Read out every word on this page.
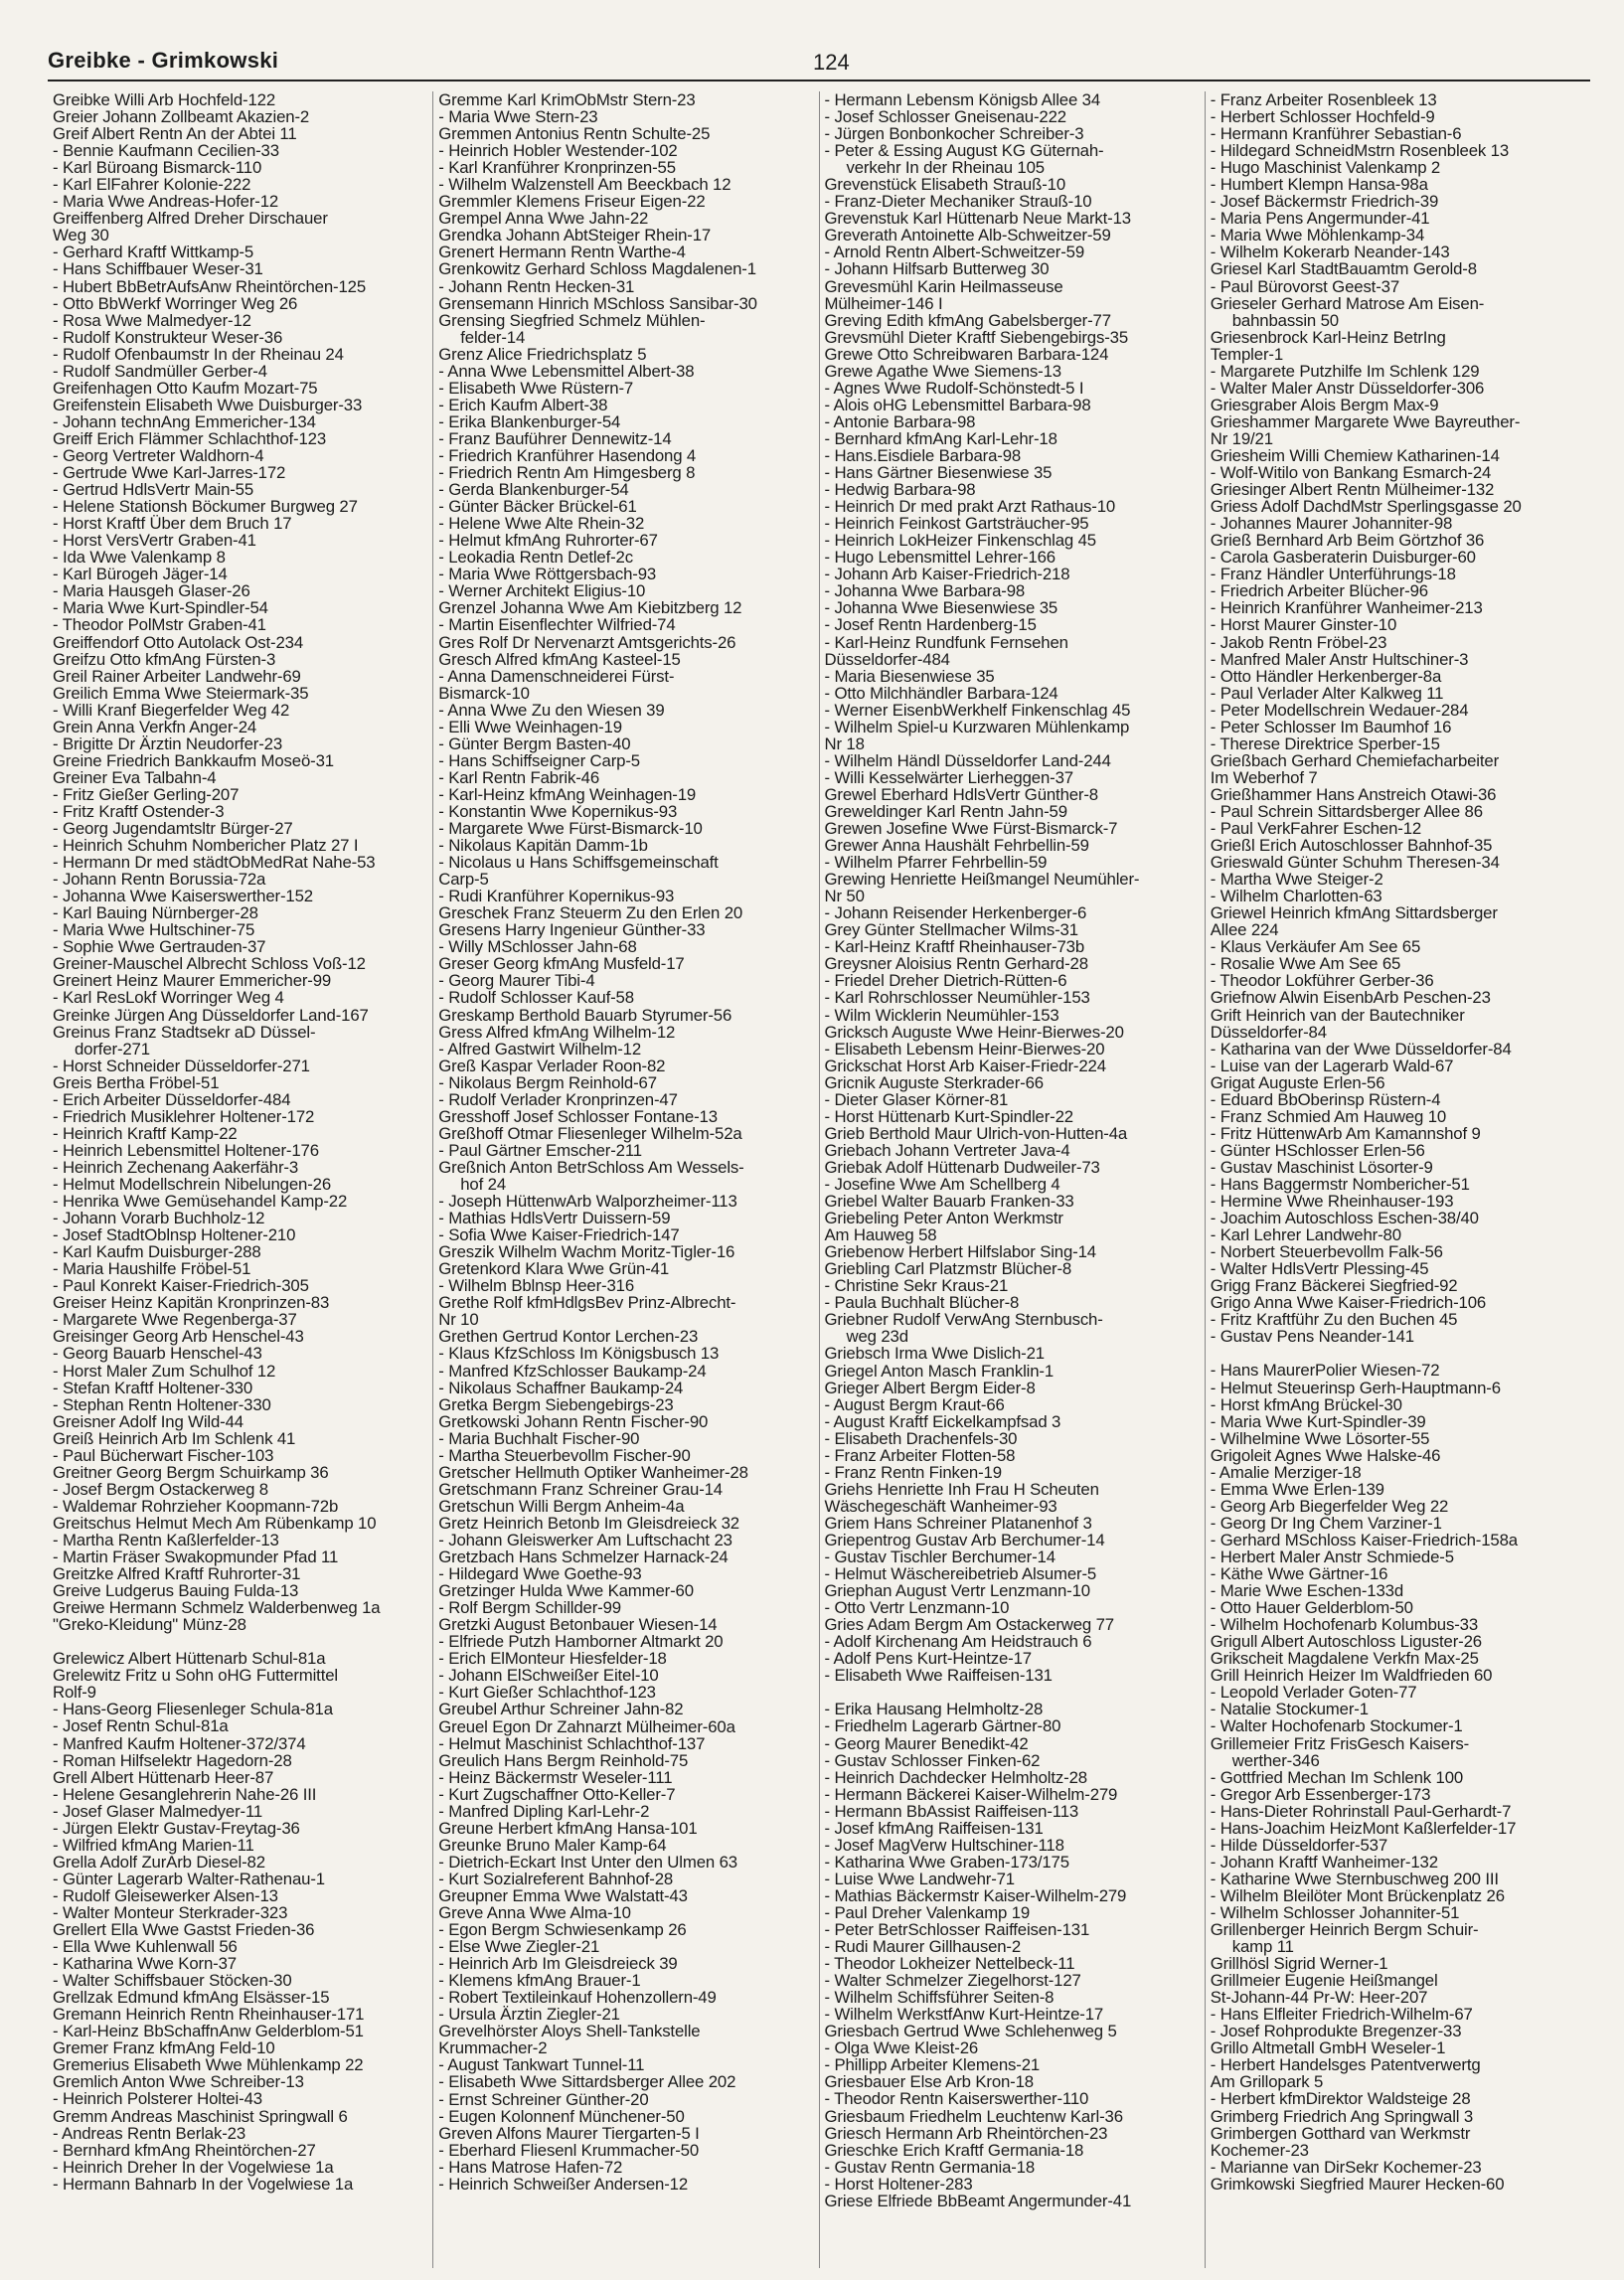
Greibke - Grimkowski	124
Greibke Willi Arb Hochfeld-122
Greier Johann Zollbeamt Akazien-2
Greif Albert Rentn An der Abtei 11
- Bennie Kaufmann Cecilien-33
- Karl Büroang Bismarck-110
- Karl ElFahrer Kolonie-222
- Maria Wwe Andreas-Hofer-12
Greiffenberg Alfred Dreher Dirschauer
Weg 30
- Gerhard Kraftf Wittkamp-5
- Hans Schiffbauer Weser-31
- Hubert BbBetrAufsAnw Rheintörchen-125
- Otto BbWerkf Worringer Weg 26
- Rosa Wwe Malmedyer-12
- Rudolf Konstrukteur Weser-36
- Rudolf Ofenbaumstr In der Rheinau 24
- Rudolf Sandmüller Gerber-4
Greifenhagen Otto Kaufm Mozart-75
Greifenstein Elisabeth Wwe Duisburger-33
- Johann technAng Emmericher-134
Greiff Erich Flämmer Schlachthof-123
- Georg Vertreter Waldhorn-4
- Gertrude Wwe Karl-Jarres-172
- Gertrud HdlsVertr Main-55
- Helene Stationsh Böckumer Burgweg 27
- Horst Kraftf Über dem Bruch 17
- Horst VersVertr Graben-41
- Ida Wwe Valenkamp 8
- Karl Bürogeh Jäger-14
- Maria Hausgeh Glaser-26
- Maria Wwe Kurt-Spindler-54
- Theodor PolMstr Graben-41
Greiffendorf Otto Autolack Ost-234
Greifzu Otto kfmAng Fürsten-3
Greil Rainer Arbeiter Landwehr-69
Greilich Emma Wwe Steiermark-35
- Willi Kranf Biegerfelder Weg 42
Grein Anna Verkfn Anger-24
- Brigitte Dr Ärztin Neudorfer-23
Greine Friedrich Bankkaufm Moseö-31
Greiner Eva Talbahn-4
- Fritz Gießer Gerling-207
- Fritz Kraftf Ostender-3
- Georg Jugendamtsltr Bürger-27
- Heinrich Schuhm Nombericher Platz 27 I
- Hermann Dr med städtObMedRat Nahe-53
- Johann Rentn Borussia-72a
- Johanna Wwe Kaiserswerther-152
- Karl Bauing Nürnberger-28
- Maria Wwe Hultschiner-75
- Sophie Wwe Gertrauden-37
Greiner-Mauschel Albrecht Schloss Voß-12
Greinert Heinz Maurer Emmericher-99
- Karl ResLokf Worringer Weg 4
Greinke Jürgen Ang Düsseldorfer Land-167
Greinus Franz Stadtsekr aD Düssel-
dorfer-271
- Horst Schneider Düsseldorfer-271
Greis Bertha Fröbel-51
- Erich Arbeiter Düsseldorfer-484
- Friedrich Musiklehrer Holtener-172
- Heinrich Kraftf Kamp-22
- Heinrich Lebensmittel Holtener-176
- Heinrich Zechenang Aakerfähr-3
- Helmut Modellschrein Nibelungen-26
- Henrika Wwe Gemüsehandel Kamp-22
- Johann Vorarb Buchholz-12
- Josef StadtOblnsp Holtener-210
- Karl Kaufm Duisburger-288
- Maria Haushilfe Fröbel-51
- Paul Konrekt Kaiser-Friedrich-305
Greiser Heinz Kapitän Kronprinzen-83
- Margarete Wwe Regenberga-37
Greisinger Georg Arb Henschel-43
- Georg Bauarb Henschel-43
- Horst Maler Zum Schulhof 12
- Stefan Kraftf Holtener-330
- Stephan Rentn Holtener-330
Greisner Adolf Ing Wild-44
Greiß Heinrich Arb Im Schlenk 41
- Paul Bücherwart Fischer-103
Greitner Georg Bergm Schuirkamp 36
- Josef Bergm Ostackerweg 8
- Waldemar Rohrzieher Koopmann-72b
Greitschus Helmut Mech Am Rübenkamp 10
- Martha Rentn Kaßlerfelder-13
- Martin Fräser Swakopmunder Pfad 11
Greitzke Alfred Kraftf Ruhrorter-31
Greive Ludgerus Bauing Fulda-13
Greiwe Hermann Schmelz Walderbenweg 1a
"Greko-Kleidung" Münz-28
Grelewicz Albert Hüttenarb Schul-81a
Grelewitz Fritz u Sohn oHG Futtermittel
Rolf-9
- Hans-Georg Fliesenleger Schula-81a
- Josef Rentn Schul-81a
- Manfred Kaufm Holtener-372/374
- Roman Hilfselektr Hagedorn-28
Grell Albert Hüttenarb Heer-87
- Helene Gesanglehrerin Nahe-26 III
- Josef Glaser Malmedyer-11
- Jürgen Elektr Gustav-Freytag-36
- Wilfried kfmAng Marien-11
Grella Adolf ZurArb Diesel-82
- Günter Lagerarb Walter-Rathenau-1
- Rudolf Gleisewerker Alsen-13
- Walter Monteur Sterkrader-323
Grellert Ella Wwe Gastst Frieden-36
- Ella Wwe Kuhlenwall 56
- Katharina Wwe Korn-37
- Walter Schiffsbauer Stöcken-30
Grellzak Edmund kfmAng Elsässer-15
Gremann Heinrich Rentn Rheinhauser-171
- Karl-Heinz BbSchaffnAnw Gelderblom-51
Gremer Franz kfmAng Feld-10
Gremerius Elisabeth Wwe Mühlenkamp 22
Gremlich Anton Wwe Schreiber-13
- Heinrich Polsterer Holtei-43
Gremm Andreas Maschinist Springwall 6
- Andreas Rentn Berlak-23
- Bernhard kfmAng Rheintörchen-27
- Heinrich Dreher In der Vogelwiese 1a
- Hermann Bahnarb In der Vogelwiese 1a
Gremme Karl KrimObMstr Stern-23
- Maria Wwe Stern-23
Gremmen Antonius Rentn Schulte-25
- Heinrich Hobler Westender-102
- Karl Kranführer Kronprinzen-55
- Wilhelm Walzenstell Am Beeckbach 12
Gremmler Klemens Friseur Eigen-22
Grempel Anna Wwe Jahn-22
Grendka Johann AbtSteiger Rhein-17
Grenert Hermann Rentn Warthe-4
Grenkowitz Gerhard Schloss Magdalenen-1
- Johann Rentn Hecken-31
Grensemann Hinrich MSchloss Sansibar-30
Grensing Siegfried Schmelz Mühlen-
felder-14
Grenz Alice Friedrichsplatz 5
- Anna Wwe Lebensmittel Albert-38
- Elisabeth Wwe Rüstern-7
- Erich Kaufm Albert-38
- Erika Blankenburger-54
- Franz Bauführer Dennewitz-14
- Friedrich Kranführer Hasendong 4
- Friedrich Rentn Am Himgesberg 8
- Gerda Blankenburger-54
- Günter Bäcker Brückel-61
- Helene Wwe Alte Rhein-32
- Helmut kfmAng Ruhrorter-67
- Leokadia Rentn Detlef-2c
- Maria Wwe Röttgersbach-93
- Werner Architekt Eligius-10
Grenzel Johanna Wwe Am Kiebitzberg 12
- Martin Eisenflechter Wilfried-74
Gres Rolf Dr Nervenarzt Amtsgerichts-26
Gresch Alfred kfmAng Kasteel-15
- Anna Damenschneiderei Fürst-
Bismarck-10
- Anna Wwe Zu den Wiesen 39
- Elli Wwe Weinhagen-19
- Günter Bergm Basten-40
- Hans Schiffseigner Carp-5
- Karl Rentn Fabrik-46
- Karl-Heinz kfmAng Weinhagen-19
- Konstantin Wwe Kopernikus-93
- Margarete Wwe Fürst-Bismarck-10
- Nikolaus Kapitän Damm-1b
- Nicolaus u Hans Schiffsgemeinschaft
Carp-5
- Rudi Kranführer Kopernikus-93
Greschek Franz Steuerm Zu den Erlen 20
Gresens Harry Ingenieur Günther-33
- Willy MSchlosser Jahn-68
Greser Georg kfmAng Musfeld-17
- Georg Maurer Tibi-4
- Rudolf Schlosser Kauf-58
Greskamp Berthold Bauarb Styrumer-56
Gress Alfred kfmAng Wilhelm-12
- Alfred Gastwirt Wilhelm-12
Greß Kaspar Verlader Roon-82
- Nikolaus Bergm Reinhold-67
- Rudolf Verlader Kronprinzen-47
Gresshoff Josef Schlosser Fontane-13
Greßhoff Otmar Fliesenleger Wilhelm-52a
- Paul Gärtner Emscher-211
Greßnich Anton BetrSchloss Am Wessels-
hof 24
- Joseph HüttenwArb Walporzheimer-113
- Mathias HdlsVertr Duissern-59
- Sofia Wwe Kaiser-Friedrich-147
Greszik Wilhelm Wachm Moritz-Tigler-16
Gretenkord Klara Wwe Grün-41
- Wilhelm Bblnsp Heer-316
Grethe Rolf kfmHdlgsBev Prinz-Albrecht-
Nr 10
Grethen Gertrud Kontor Lerchen-23
- Klaus KfzSchloss Im Königsbusch 13
- Manfred KfzSchlosser Baukamp-24
- Nikolaus Schaffner Baukamp-24
Gretka Bergm Siebengebirgs-23
Gretkowski Johann Rentn Fischer-90
- Maria Buchhalt Fischer-90
- Martha Steuerbevollm Fischer-90
Gretscher Hellmuth Optiker Wanheimer-28
Gretschmann Franz Schreiner Grau-14
Gretschun Willi Bergm Anheim-4a
Gretz Heinrich Betonb Im Gleisdreieck 32
- Johann Gleiswerker Am Luftschacht 23
Gretzbach Hans Schmelzer Harnack-24
- Hildegard Wwe Goethe-93
Gretzinger Hulda Wwe Kammer-60
- Rolf Bergm Schillder-99
Gretzki August Betonbauer Wiesen-14
- Elfriede Putzh Hamborner Altmarkt 20
- Erich ElMonteur Hiesfelder-18
- Johann ElSchweißer Eitel-10
- Kurt Gießer Schlachthof-123
Greubel Arthur Schreiner Jahn-82
Greuel Egon Dr Zahnarzt Mülheimer-60a
- Helmut Maschinist Schlachthof-137
Greulich Hans Bergm Reinhold-75
- Heinz Bäckermstr Weseler-111
- Kurt Zugschaffner Otto-Keller-7
- Manfred Dipling Karl-Lehr-2
Greune Herbert kfmAng Hansa-101
Greunke Bruno Maler Kamp-64
- Dietrich-Eckart Inst Unter den Ulmen 63
- Kurt Sozialreferent Bahnhof-28
Greupner Emma Wwe Walstatt-43
Greve Anna Wwe Alma-10
- Egon Bergm Schwiesenkamp 26
- Else Wwe Ziegler-21
- Heinrich Arb Im Gleisdreieck 39
- Klemens kfmAng Brauer-1
- Robert Textileinkauf Hohenzollern-49
- Ursula Ärztin Ziegler-21
Grevelhörster Aloys Shell-Tankstelle
Krummacher-2
- August Tankwart Tunnel-11
- Elisabeth Wwe Sittardsberger Allee 202
- Ernst Schreiner Günther-20
- Eugen Kolonnenf Münchener-50
Greven Alfons Maurer Tiergarten-5 I
- Eberhard Fliesenl Krummacher-50
- Hans Matrose Hafen-72
- Heinrich Schweißer Andersen-12
- Hermann Lebensm Königsb Allee 34
- Josef Schlosser Gneisenau-222
- Jürgen Bonbonkocher Schreiber-3
- Peter & Essing August KG Güternah-
verkehr In der Rheinau 105
Grevenstück Elisabeth Strauß-10
- Franz-Dieter Mechaniker Strauß-10
Grevenstuk Karl Hüttenarb Neue Markt-13
Greverath Antoinette Alb-Schweitzer-59
- Arnold Rentn Albert-Schweitzer-59
- Johann Hilfsarb Butterweg 30
Grevesmühl Karin Heilmasseuse
Mülheimer-146 I
Greving Edith kfmAng Gabelsberger-77
Grevsmühl Dieter Kraftf Siebengebirgs-35
Grewe Otto Schreibwaren Barbara-124
Grewe Agathe Wwe Siemens-13
- Agnes Wwe Rudolf-Schönstedt-5 I
- Alois oHG Lebensmittel Barbara-98
- Antonie Barbara-98
- Bernhard kfmAng Karl-Lehr-18
- Hans.Eisdiele Barbara-98
- Hans Gärtner Biesenwiese 35
- Hedwig Barbara-98
- Heinrich Dr med prakt Arzt Rathaus-10
- Heinrich Feinkost Gartsträucher-95
- Heinrich LokHeizer Finkenschlag 45
- Hugo Lebensmittel Lehrer-166
- Johann Arb Kaiser-Friedrich-218
- Johanna Wwe Barbara-98
- Johanna Wwe Biesenwiese 35
- Josef Rentn Hardenberg-15
- Karl-Heinz Rundfunk Fernsehen
Düsseldorfer-484
- Maria Biesenwiese 35
- Otto Milchhändler Barbara-124
- Werner EisenbWerkhelf Finkenschlag 45
- Wilhelm Spiel-u Kurzwaren Mühlenkamp
Nr 18
- Wilhelm Händl Düsseldorfer Land-244
- Willi Kesselwärter Lierheggen-37
Grewel Eberhard HdlsVertr Günther-8
Greweldinger Karl Rentn Jahn-59
Grewen Josefine Wwe Fürst-Bismarck-7
Grewer Anna Haushält Fehrbellin-59
- Wilhelm Pfarrer Fehrbellin-59
Grewing Henriette Heißmangel Neumühler-
Nr 50
- Johann Reisender Herkenberger-6
Grey Günter Stellmacher Wilms-31
- Karl-Heinz Kraftf Rheinhauser-73b
Greysner Aloisius Rentn Gerhard-28
- Friedel Dreher Dietrich-Rütten-6
- Karl Rohrschlosser Neumühler-153
- Wilm Wicklerin Neumühler-153
Gricksch Auguste Wwe Heinr-Bierwes-20
- Elisabeth Lebensm Heinr-Bierwes-20
Grickschat Horst Arb Kaiser-Friedr-224
Gricnik Auguste Sterkrader-66
- Dieter Glaser Körner-81
- Horst Hüttenarb Kurt-Spindler-22
Grieb Berthold Maur Ulrich-von-Hutten-4a
Griebach Johann Vertreter Java-4
Griebak Adolf Hüttenarb Dudweiler-73
- Josefine Wwe Am Schellberg 4
Griebel Walter Bauarb Franken-33
Griebeling Peter Anton Werkmstr
Am Hauweg 58
Griebenow Herbert Hilfslabor Sing-14
Griebling Carl Platzmstr Blücher-8
- Christine Sekr Kraus-21
- Paula Buchhalt Blücher-8
Griebner Rudolf VerwAng Sternbusch-
weg 23d
Griebsch Irma Wwe Dislich-21
Griegel Anton Masch Franklin-1
Grieger Albert Bergm Eider-8
- August Bergm Kraut-66
- August Kraftf Eickelkampfsad 3
- Elisabeth Drachenfels-30
- Franz Arbeiter Flotten-58
- Franz Rentn Finken-19
Griehs Henriette Inh Frau H Scheuten
Wäschegeschäft Wanheimer-93
Griem Hans Schreiner Platanenhof 3
Griepentrog Gustav Arb Berchumer-14
- Gustav Tischler Berchumer-14
- Helmut Wäschereibetrieb Alsumer-5
Griephan August Vertr Lenzmann-10
- Otto Vertr Lenzmann-10
Gries Adam Bergm Am Ostackerweg 77
- Adolf Kirchenang Am Heidstrauch 6
- Adolf Pens Kurt-Heintze-17
- Elisabeth Wwe Raiffeisen-131
- Erika Hausang Helmholtz-28
- Friedhelm Lagerarb Gärtner-80
- Georg Maurer Benedikt-42
- Gustav Schlosser Finken-62
- Heinrich Dachdecker Helmholtz-28
- Hermann Bäckerei Kaiser-Wilhelm-279
- Hermann BbAssist Raiffeisen-113
- Josef kfmAng Raiffeisen-131
- Josef MagVerw Hultschiner-118
- Katharina Wwe Graben-173/175
- Luise Wwe Landwehr-71
- Mathias Bäckermstr Kaiser-Wilhelm-279
- Paul Dreher Valenkamp 19
- Peter BetrSchlosser Raiffeisen-131
- Rudi Maurer Gillhausen-2
- Theodor Lokheizer Nettelbeck-11
- Walter Schmelzer Ziegelhorst-127
- Wilhelm Schiffsführer Seiten-8
- Wilhelm WerkstfAnw Kurt-Heintze-17
Griesbach Gertrud Wwe Schlehenweg 5
- Olga Wwe Kleist-26
- Phillipp Arbeiter Klemens-21
Griesbauer Else Arb Kron-18
- Theodor Rentn Kaiserswerther-110
Griesbaum Friedhelm Leuchtenw Karl-36
Griesch Hermann Arb Rheintörchen-23
Grieschke Erich Kraftf Germania-18
- Gustav Rentn Germania-18
- Horst Holtener-283
Griese Elfriede BbBeamt Angermunder-41
- Franz Arbeiter Rosenbleek 13
- Herbert Schlosser Hochfeld-9
- Hermann Kranführer Sebastian-6
- Hildegard SchneidMstrn Rosenbleek 13
- Hugo Maschinist Valenkamp 2
- Humbert Klempn Hansa-98a
- Josef Bäckermstr Friedrich-39
- Maria Pens Angermunder-41
- Maria Wwe Möhlenkamp-34
- Wilhelm Kokerarb Neander-143
Griesel Karl StadtBauamtm Gerold-8
- Paul Bürovorst Geest-37
Grieseler Gerhard Matrose Am Eisen-
bahnbassin 50
Griesenbrock Karl-Heinz BetrIng
Templer-1
- Margarete Putzhilfe Im Schlenk 129
- Walter Maler Anstr Düsseldorfer-306
Griesgraber Alois Bergm Max-9
Grieshammer Margarete Wwe Bayreuther-
Nr 19/21
Griesheim Willi Chemiew Katharinen-14
- Wolf-Witilo von Bankang Esmarch-24
Griesinger Albert Rentn Mülheimer-132
Griess Adolf DachdMstr Sperlingsgasse 20
- Johannes Maurer Johanniter-98
Grieß Bernhard Arb Beim Görtzhof 36
- Carola Gasberaterin Duisburger-60
- Franz Händler Unterführungs-18
- Friedrich Arbeiter Blücher-96
- Heinrich Kranführer Wanheimer-213
- Horst Maurer Ginster-10
- Jakob Rentn Fröbel-23
- Manfred Maler Anstr Hultschiner-3
- Otto Händler Herkenberger-8a
- Paul Verlader Alter Kalkweg 11
- Peter Modellschrein Wedauer-284
- Peter Schlosser Im Baumhof 16
- Therese Direktrice Sperber-15
Grießbach Gerhard Chemiefacharbeiter
Im Weberhof 7
Grießhammer Hans Anstreich Otawi-36
- Paul Schrein Sittardsberger Allee 86
- Paul VerkFahrer Eschen-12
Grießl Erich Autoschlosser Bahnhof-35
Grieswald Günter Schuhm Theresen-34
- Martha Wwe Steiger-2
- Wilhelm Charlotten-63
Griewel Heinrich kfmAng Sittardsberger
Allee 224
- Klaus Verkäufer Am See 65
- Rosalie Wwe Am See 65
- Theodor Lokführer Gerber-36
Griefnow Alwin EisenbArb Peschen-23
Grift Heinrich van der Bautechniker
Düsseldorfer-84
- Katharina van der Wwe Düsseldorfer-84
- Luise van der Lagerarb Wald-67
Grigat Auguste Erlen-56
- Eduard BbOberinsp Rüstern-4
- Franz Schmied Am Hauweg 10
- Fritz HüttenwArb Am Kamannshof 9
- Günter HSchlosser Erlen-56
- Gustav Maschinist Lösorter-9
- Hans Baggermstr Nombericher-51
- Hermine Wwe Rheinhauser-193
- Joachim Autoschloss Eschen-38/40
- Karl Lehrer Landwehr-80
- Norbert Steuerbevollm Falk-56
- Walter HdlsVertr Plessing-45
Grigg Franz Bäckerei Siegfried-92
Grigo Anna Wwe Kaiser-Friedrich-106
- Fritz Kraftführ Zu den Buchen 45
- Gustav Pens Neander-141
- Hans MaurerPolier Wiesen-72
- Helmut Steuerinsp Gerh-Hauptmann-6
- Horst kfmAng Brückel-30
- Maria Wwe Kurt-Spindler-39
- Wilhelmine Wwe Lösorter-55
Grigoleit Agnes Wwe Halske-46
- Amalie Merziger-18
- Emma Wwe Erlen-139
- Georg Arb Biegerfelder Weg 22
- Georg Dr Ing Chem Varziner-1
- Gerhard MSchloss Kaiser-Friedrich-158a
- Herbert Maler Anstr Schmiede-5
- Käthe Wwe Gärtner-16
- Marie Wwe Eschen-133d
- Otto Hauer Gelderblom-50
- Wilhelm Hochofenarb Kolumbus-33
Grigull Albert Autoschloss Liguster-26
Grikscheit Magdalene Verkfn Max-25
Grill Heinrich Heizer Im Waldfrieden 60
- Leopold Verlader Goten-77
- Natalie Stockumer-1
- Walter Hochofenarb Stockumer-1
Grillemeier Fritz FrisGesch Kaisers-
werther-346
- Gottfried Mechan Im Schlenk 100
- Gregor Arb Essenberger-173
- Hans-Dieter Rohrinstall Paul-Gerhardt-7
- Hans-Joachim HeizMont Kaßlerfelder-17
- Hilde Düsseldorfer-537
- Johann Kraftf Wanheimer-132
- Katharine Wwe Sternbuschweg 200 III
- Wilhelm Bleilöter Mont Brückenplatz 26
- Wilhelm Schlosser Johanniter-51
Grillenberger Heinrich Bergm Schuir-
kamp 11
Grillhösl Sigrid Werner-1
Grillmeier Eugenie Heißmangel
St-Johann-44 Pr-W: Heer-207
- Hans Elfleiter Friedrich-Wilhelm-67
- Josef Rohprodukte Bregenzer-33
Grillo Altmetall GmbH Weseler-1
- Herbert Handelsges Patentverwertg
Am Grillopark 5
- Herbert kfmDirektor Waldsteige 28
Grimberg Friedrich Ang Springwall 3
Grimbergen Gotthard van Werkmstr
Kochemer-23
- Marianne van DirSekr Kochemer-23
Grimkowski Siegfried Maurer Hecken-60
